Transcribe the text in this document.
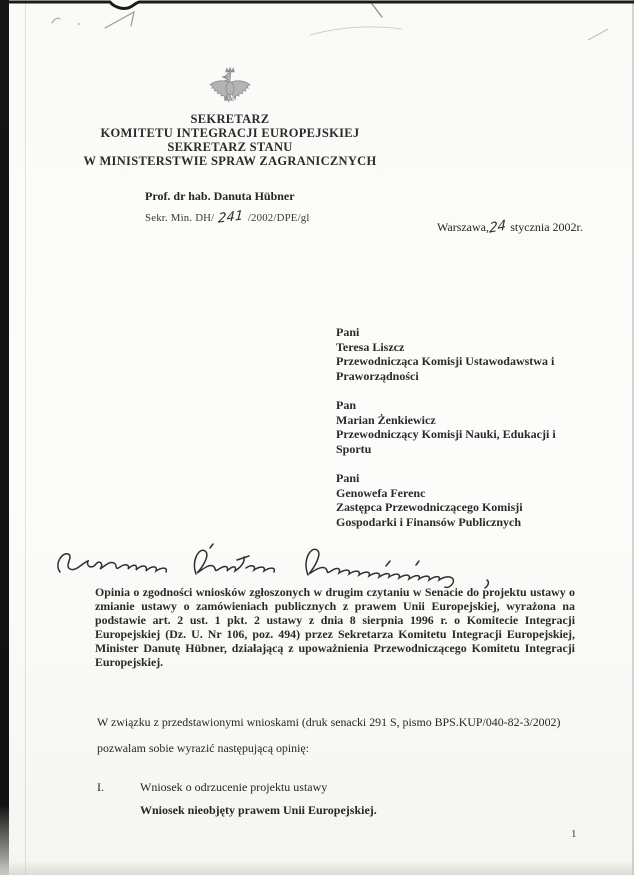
SEKRETARZ
KOMITETU INTEGRACJI EUROPEJSKIEJ
SEKRETARZ STANU
W MINISTERSTWIE SPRAW ZAGRANICZNYCH
Prof. dr hab. Danuta Hübner
Sekr. Min. DH/ 241 /2002/DPE/gl
Warszawa,24 stycznia 2002r.
Pani
Teresa Liszcz
Przewodnicząca Komisji Ustawodawstwa i Praworządności
Pan
Marian Żenkiewicz
Przewodniczący Komisji Nauki, Edukacji i Sportu
Pani
Genowefa Ferenc
Zastępca Przewodniczącego Komisji Gospodarki i Finansów Publicznych

Opinia o zgodności wniosków zgłoszonych w drugim czytaniu w Senacie do projektu ustawy o zmianie ustawy o zamówieniach publicznych z prawem Unii Europejskiej, wyrażona na podstawie art. 2 ust. 1 pkt. 2 ustawy z dnia 8 sierpnia 1996 r. o Komitecie Integracji Europejskiej (Dz. U. Nr 106, poz. 494) przez Sekretarza Komitetu Integracji Europejskiej, Minister Danutę Hübner, działającą z upoważnienia Przewodniczącego Komitetu Integracji Europejskiej.

W związku z przedstawionymi wnioskami (druk senacki 291 S, pismo BPS.KUP/040-82-3/2002)
pozwalam sobie wyrazić następującą opinię:
I.	Wniosek o odrzucenie projektu ustawy
Wniosek nieobjęty prawem Unii Europejskiej.
1
